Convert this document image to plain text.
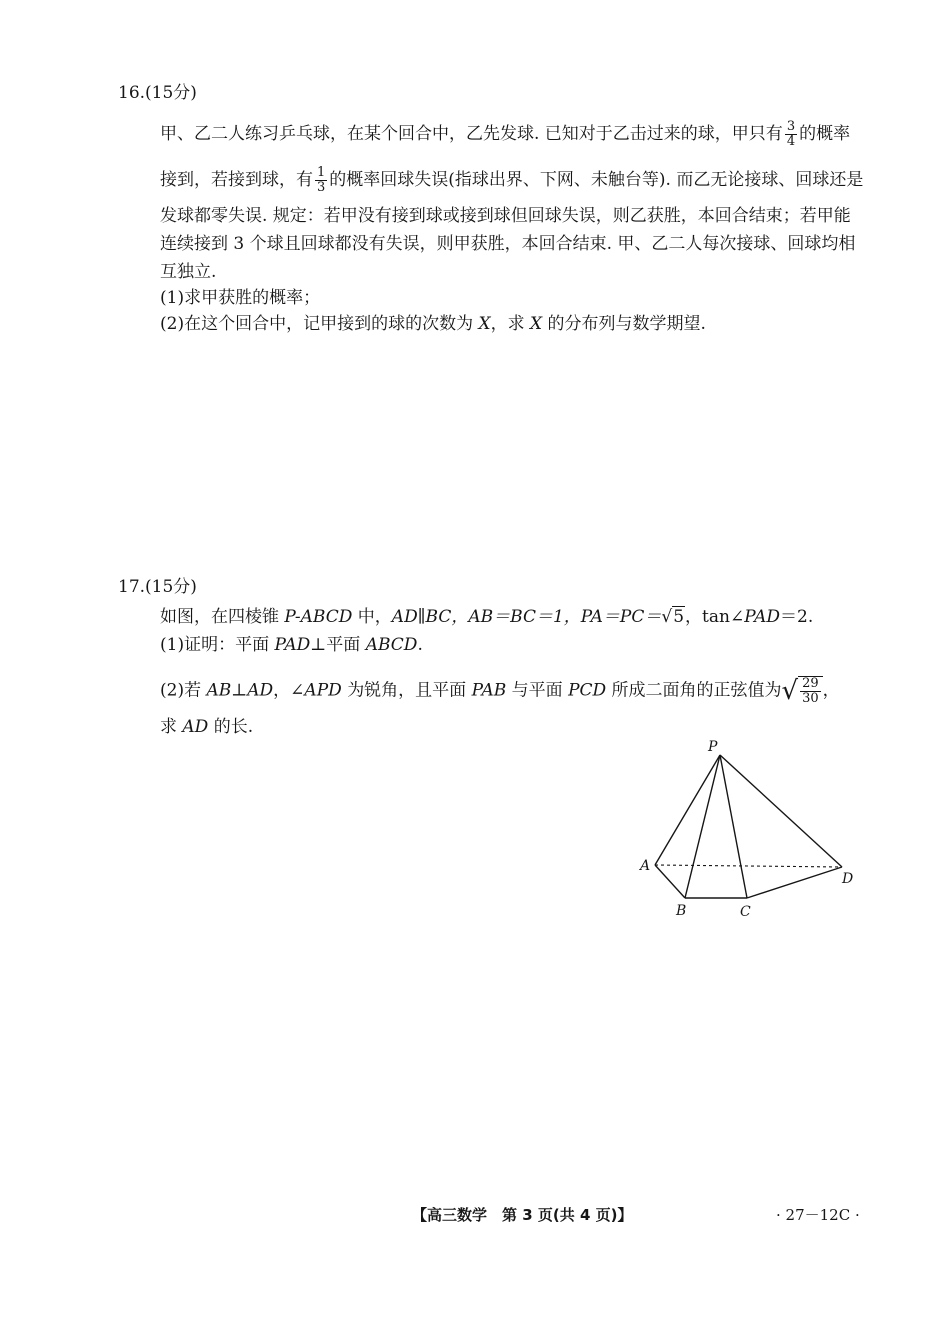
16.(15分)
甲、乙二人练习乒乓球，在某个回合中，乙先发球. 已知对于乙击过来的球，甲只有 $\frac{3}{4}$ 的概率
接到，若接到球，有 $\frac{1}{3}$ 的概率回球失误(指球出界、下网、未触台等). 而乙无论接球、回球还是
发球都零失误. 规定：若甲没有接到球或接到球但回球失误，则乙获胜，本回合结束；若甲能
连续接到 3 个球且回球都没有失误，则甲获胜，本回合结束. 甲、乙二人每次接球、回球均相
互独立.
(1)求甲获胜的概率；
(2)在这个回合中，记甲接到的球的次数为 X，求 X 的分布列与数学期望.
17.(15分)
如图，在四棱锥 P-ABCD 中，AD∥BC，AB＝BC＝1，PA＝PC＝√5，tan∠PAD＝2.
(1)证明：平面 PAD⊥平面 ABCD.
(2)若 AB⊥AD，∠APD 为锐角，且平面 PAB 与平面 PCD 所成二面角的正弦值为 √ $\frac{29}{30}$ ，
求 AD 的长.
P
A
B	C
D
【高三数学　第 3 页(共 4 页)】	· 27－12C ·
